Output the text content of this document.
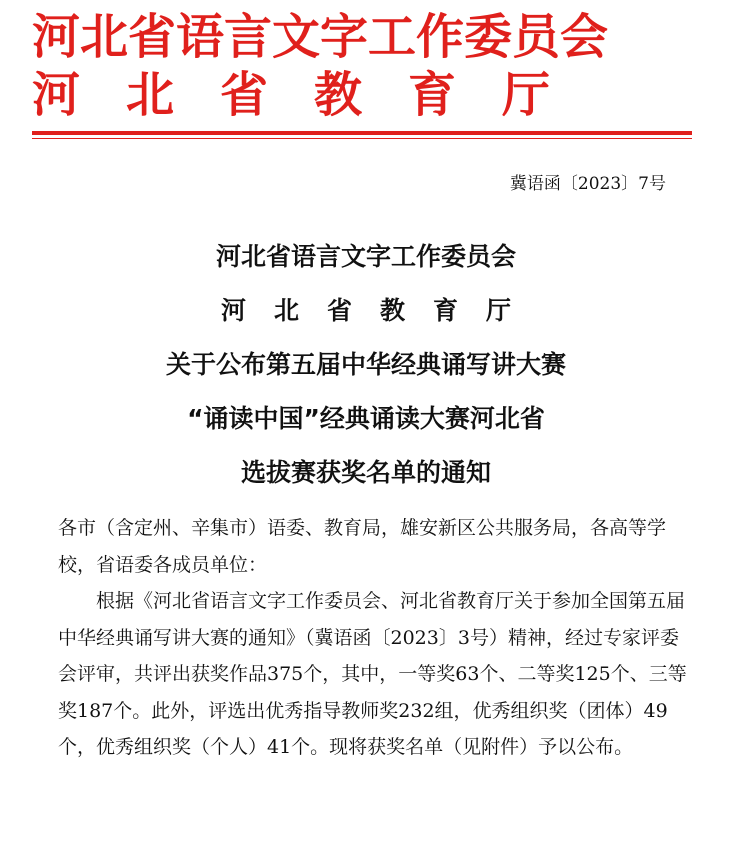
河北省语言文字工作委员会
河北省教育厅
冀语函〔2023〕7号
河北省语言文字工作委员会
河北省教育厅
关于公布第五届中华经典诵写讲大赛
“诵读中国”经典诵读大赛河北省
选拔赛获奖名单的通知

各市（含定州、辛集市）语委、教育局，雄安新区公共服务局，各高等学校，省语委各成员单位：

根据《河北省语言文字工作委员会、河北省教育厅关于参加全国第五届中华经典诵写讲大赛的通知》（冀语函〔2023〕3号）精神，经过专家评委会评审，共评出获奖作品375个，其中，一等奖63个、二等奖125个、三等奖187个。此外，评选出优秀指导教师奖232组，优秀组织奖（团体）49个，优秀组织奖（个人）41个。现将获奖名单（见附件）予以公布。
